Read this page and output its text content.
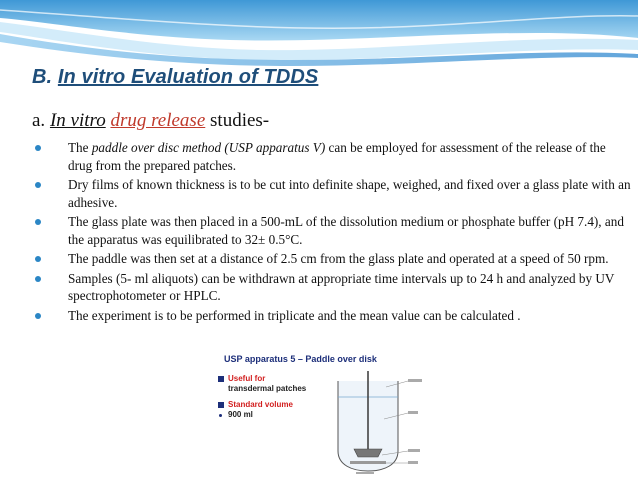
B. In vitro Evaluation of TDDS
a. In vitro drug release studies-
The paddle over disc method (USP apparatus V) can be employed for assessment of the release of the drug from the prepared patches.
Dry films of known thickness is to be cut into definite shape, weighed, and fixed over a glass plate with an adhesive.
The glass plate was then placed in a 500-mL of the dissolution medium or phosphate buffer (pH 7.4), and the apparatus was equilibrated to 32± 0.5°C.
The paddle was then set at a distance of 2.5 cm from the glass plate and operated at a speed of 50 rpm.
Samples (5- ml aliquots) can be withdrawn at appropriate time intervals up to 24 h and analyzed by UV spectrophotometer or HPLC.
The experiment is to be performed in triplicate and the mean value can be calculated .
USP apparatus 5 – Paddle over disk
Useful for
transdermal patches
Standard volume
900 ml
